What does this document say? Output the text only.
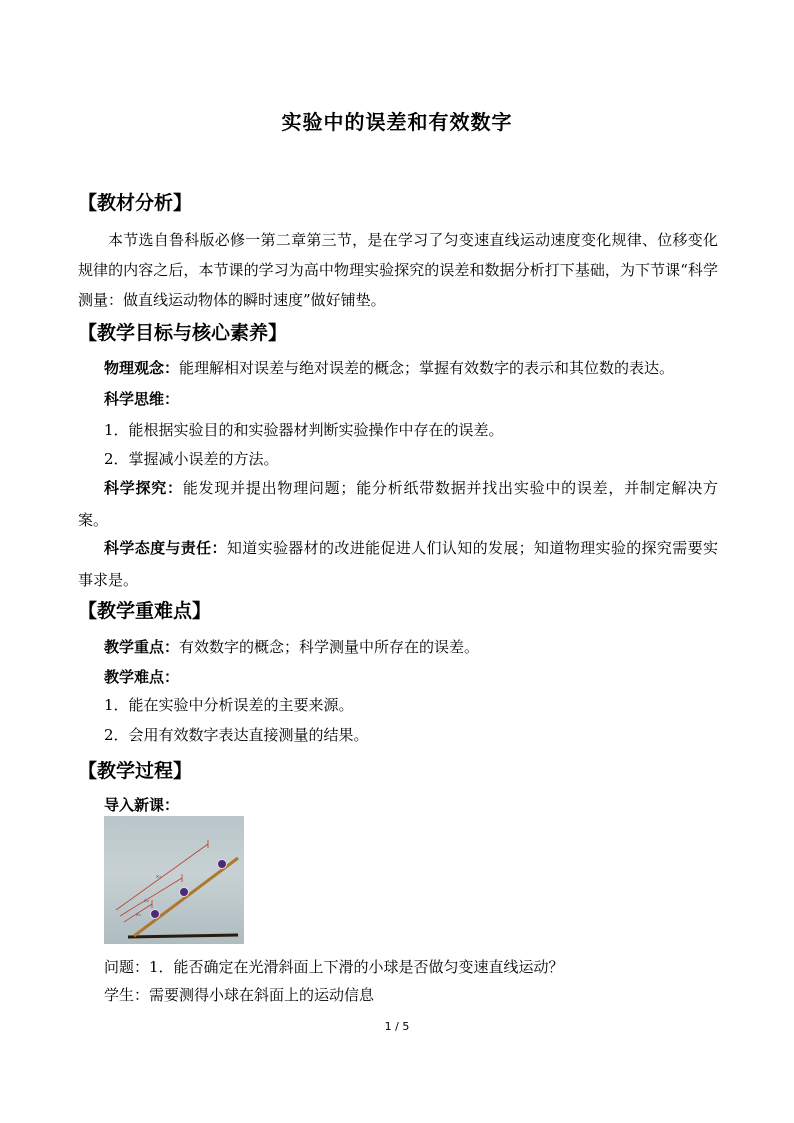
实验中的误差和有效数字
【教材分析】
本节选自鲁科版必修一第二章第三节，是在学习了匀变速直线运动速度变化规律、位移变化规律的内容之后，本节课的学习为高中物理实验探究的误差和数据分析打下基础，为下节课“科学测量：做直线运动物体的瞬时速度”做好铺垫。
【教学目标与核心素养】
物理观念：能理解相对误差与绝对误差的概念；掌握有效数字的表示和其位数的表达。
科学思维：
1．能根据实验目的和实验器材判断实验操作中存在的误差。
2．掌握减小误差的方法。
科学探究：能发现并提出物理问题；能分析纸带数据并找出实验中的误差，并制定解决方案。
科学态度与责任：知道实验器材的改进能促进人们认知的发展；知道物理实验的探究需要实事求是。
【教学重难点】
教学重点：有效数字的概念；科学测量中所存在的误差。
教学难点：
1．能在实验中分析误差的主要来源。
2．会用有效数字表达直接测量的结果。
【教学过程】
导入新课：
x₃
x₂
x₁
问题：1．能否确定在光滑斜面上下滑的小球是否做匀变速直线运动？
学生：需要测得小球在斜面上的运动信息
1 / 5
